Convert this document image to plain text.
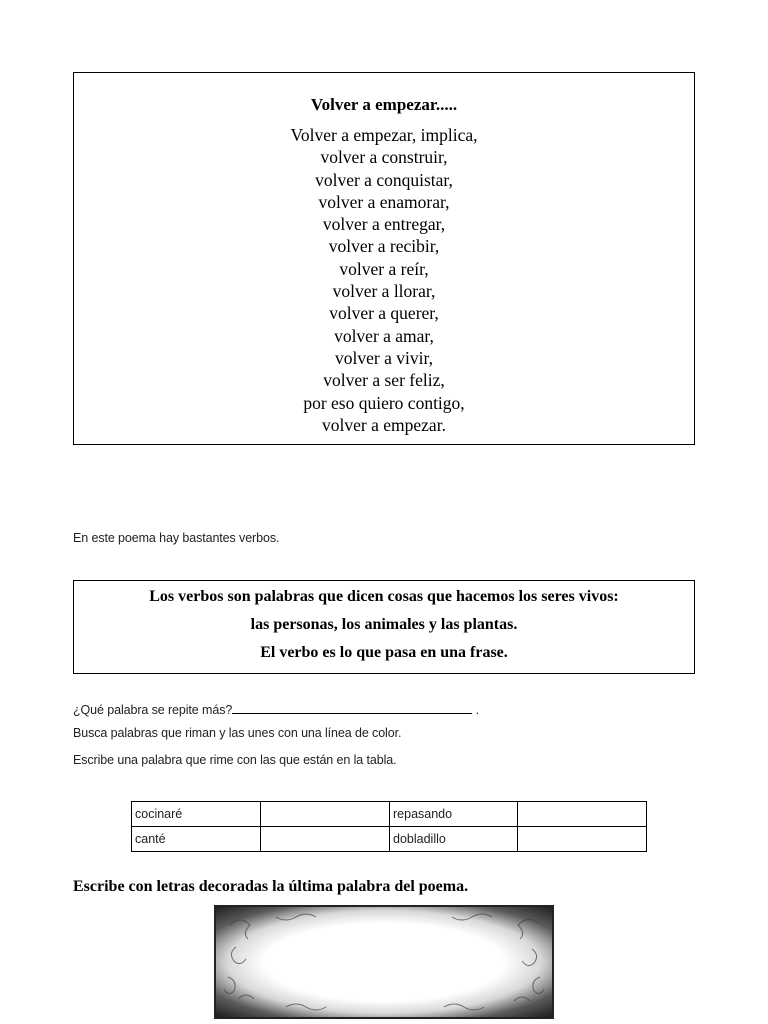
Volver a empezar.....
Volver a empezar, implica,
volver a construir,
volver a conquistar,
volver a enamorar,
volver a entregar,
volver a recibir,
volver a reír,
volver a llorar,
volver a querer,
volver a amar,
volver a vivir,
volver a ser feliz,
por eso quiero contigo,
volver a empezar.
En este poema hay bastantes verbos.
Los verbos son palabras que dicen cosas que hacemos los seres vivos:
las personas, los animales y las plantas.
El verbo es lo que pasa en una frase.
¿Qué palabra se repite más?	.
Busca palabras que riman y las unes con una línea de color.
Escribe una palabra que rime con las que están en la tabla.
cocinaré		repasando	
canté		dobladillo	
Escribe con letras decoradas la última palabra del poema.
